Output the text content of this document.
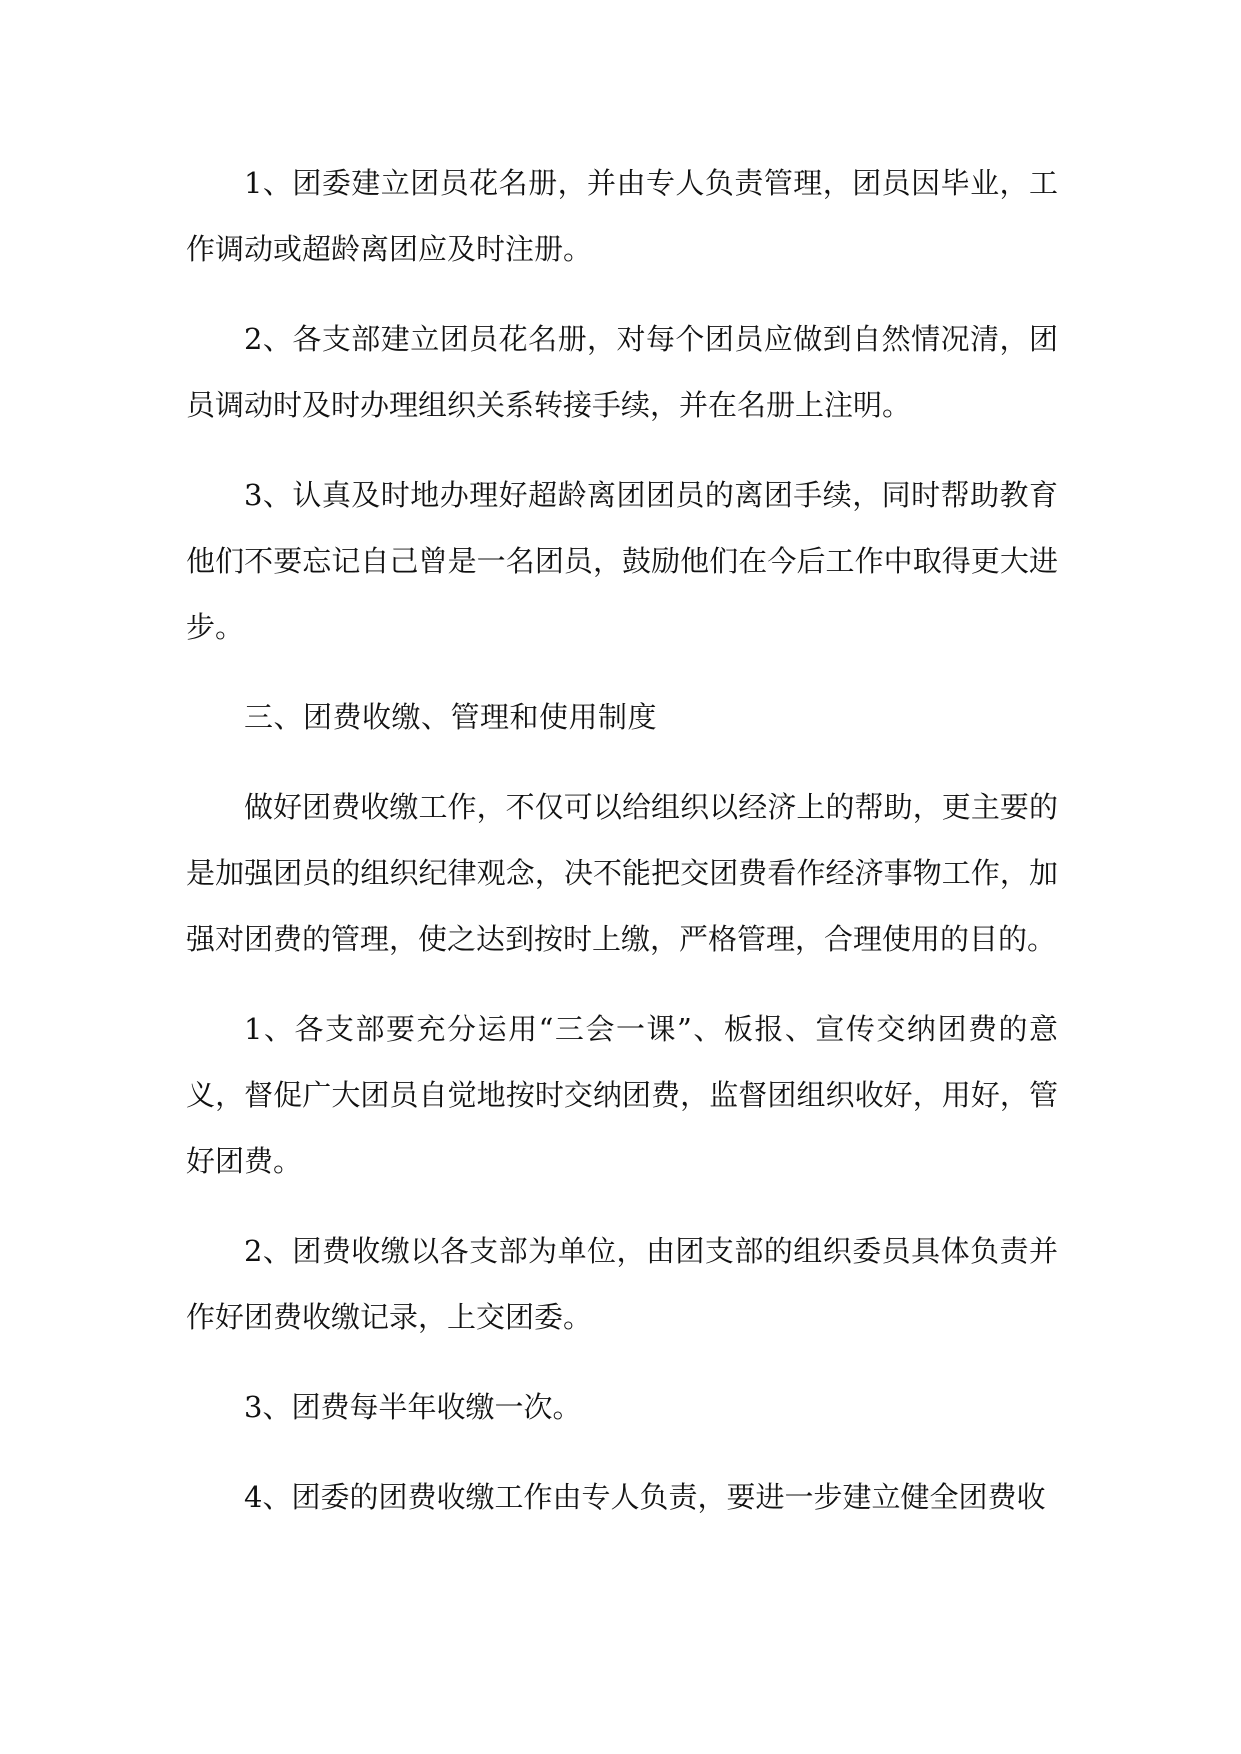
1、团委建立团员花名册，并由专人负责管理，团员因毕业，工作调动或超龄离团应及时注册。

2、各支部建立团员花名册，对每个团员应做到自然情况清，团员调动时及时办理组织关系转接手续，并在名册上注明。

3、认真及时地办理好超龄离团团员的离团手续，同时帮助教育他们不要忘记自己曾是一名团员，鼓励他们在今后工作中取得更大进步。

三、团费收缴、管理和使用制度

做好团费收缴工作，不仅可以给组织以经济上的帮助，更主要的是加强团员的组织纪律观念，决不能把交团费看作经济事物工作，加强对团费的管理，使之达到按时上缴，严格管理，合理使用的目的。

1、各支部要充分运用“三会一课”、板报、宣传交纳团费的意义，督促广大团员自觉地按时交纳团费，监督团组织收好，用好，管好团费。

2、团费收缴以各支部为单位，由团支部的组织委员具体负责并作好团费收缴记录，上交团委。

3、团费每半年收缴一次。

4、团委的团费收缴工作由专人负责，要进一步建立健全团费收
